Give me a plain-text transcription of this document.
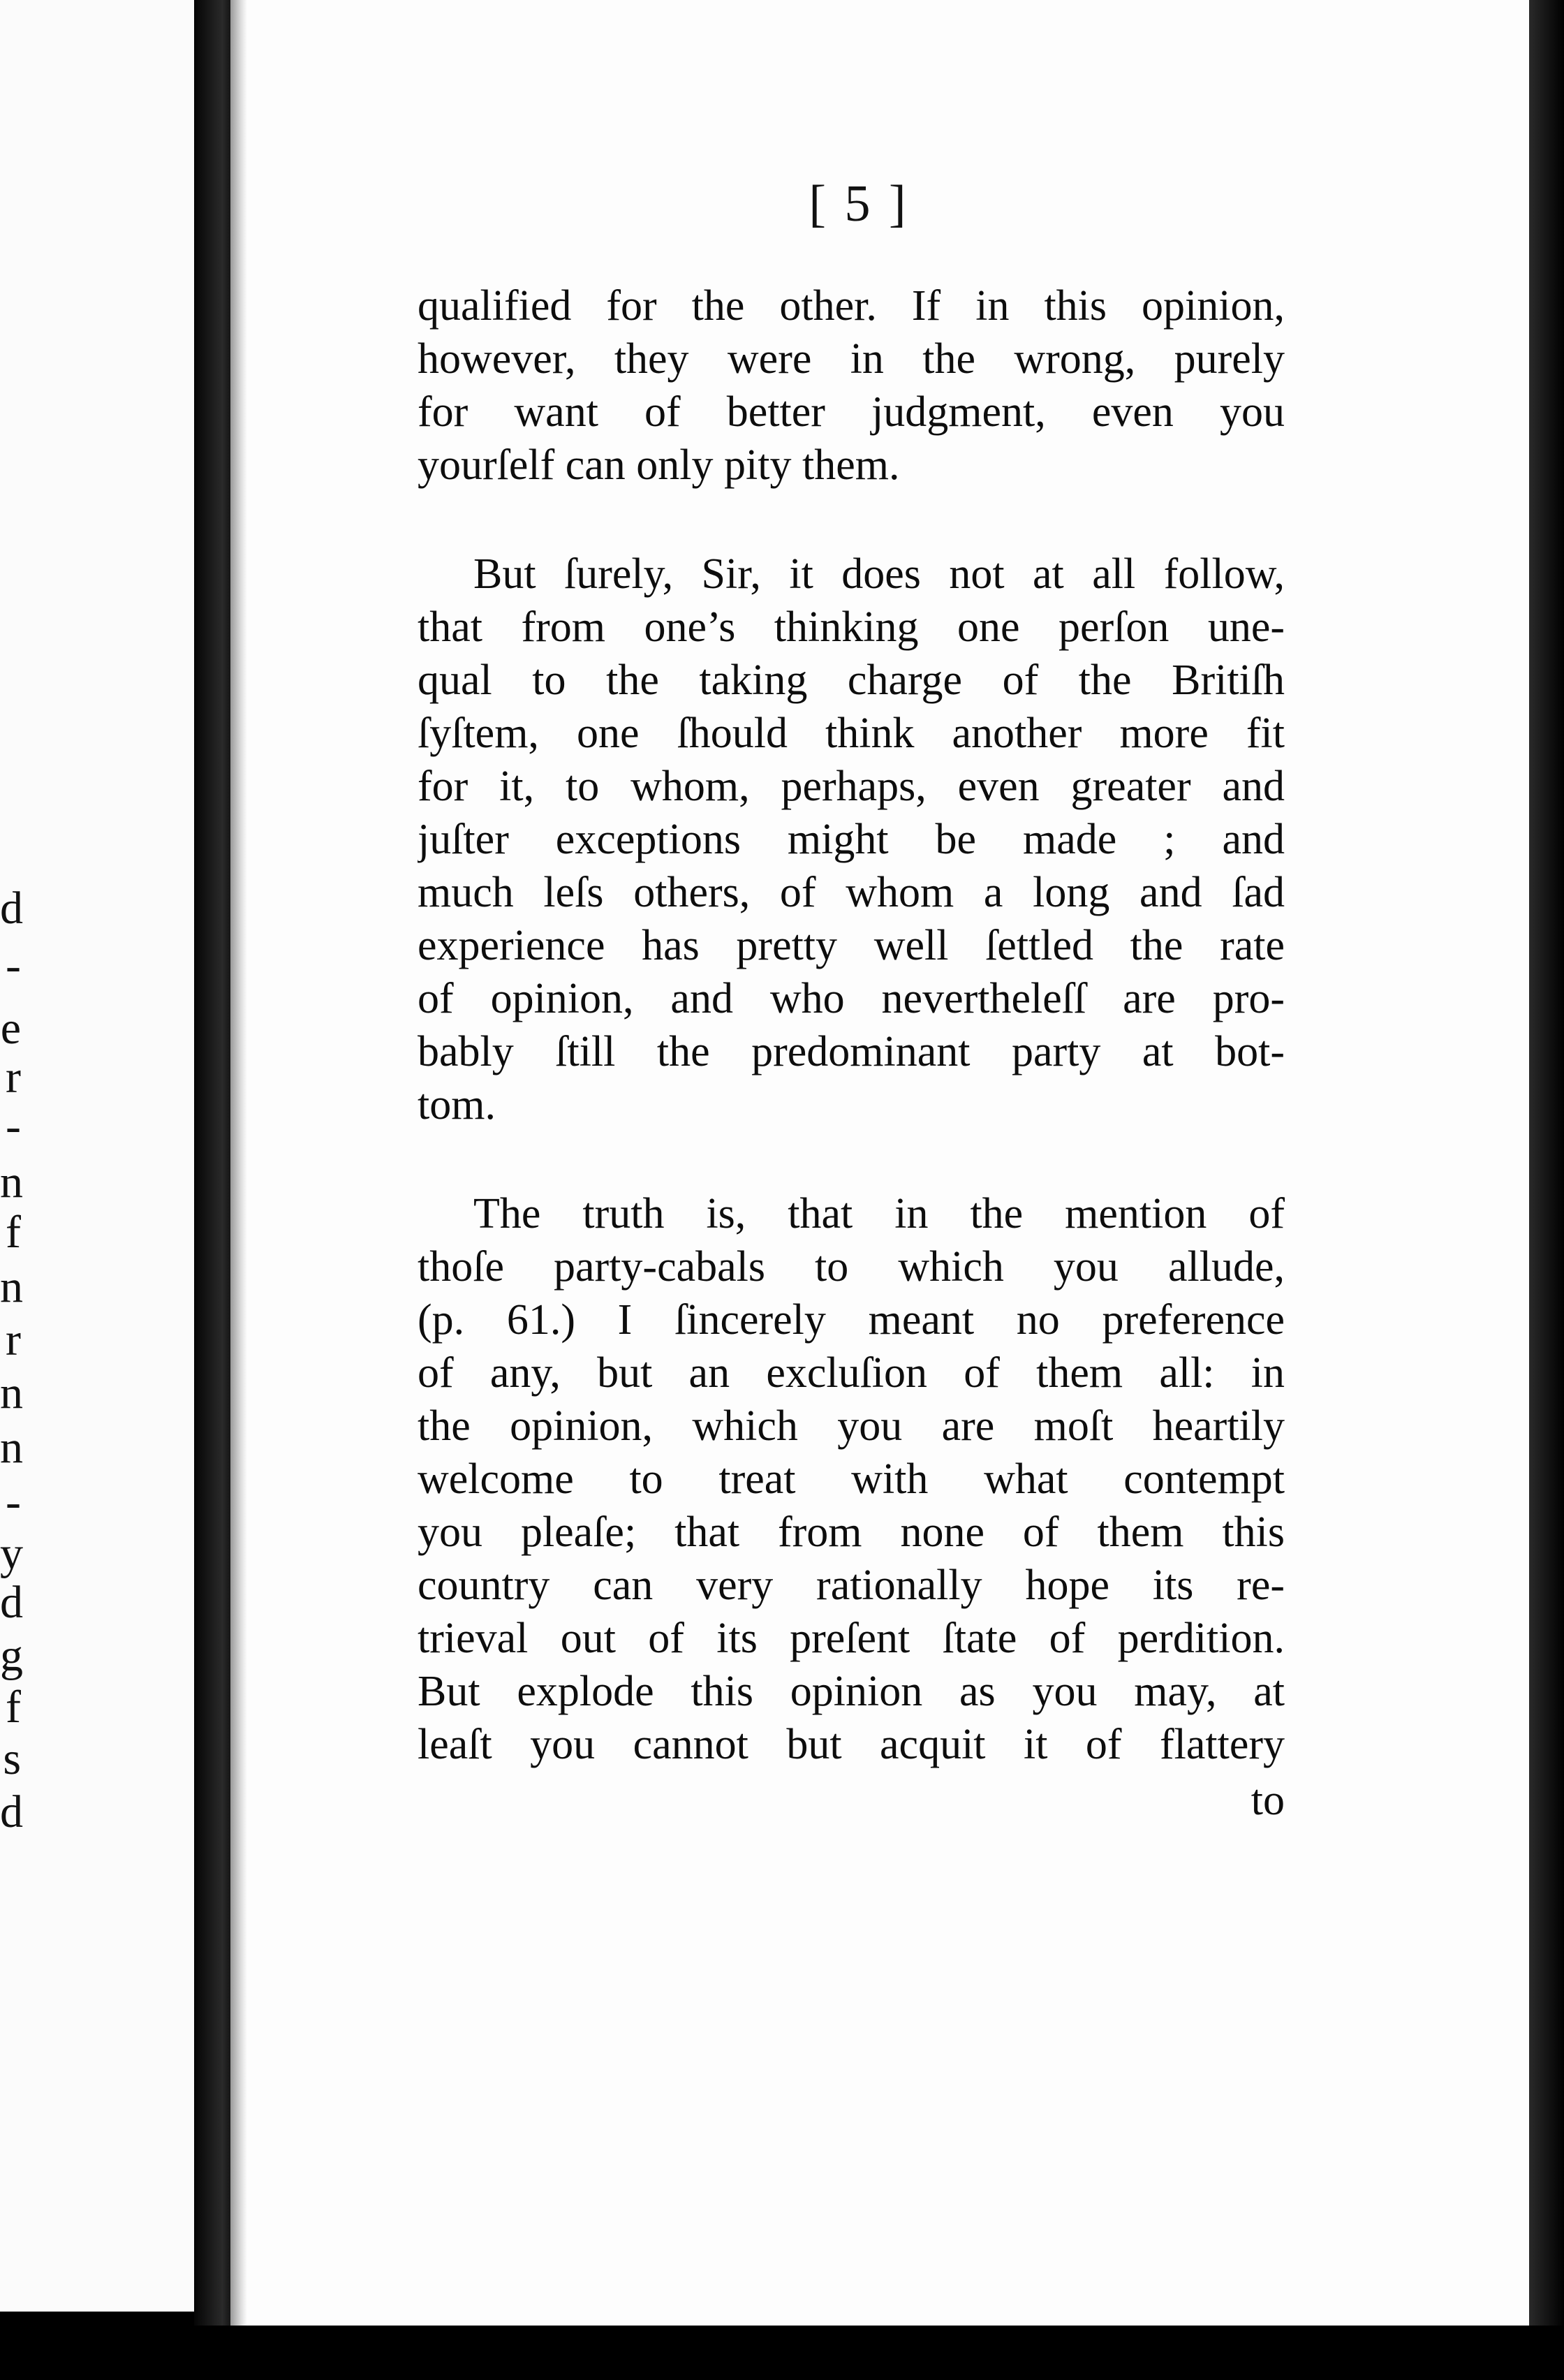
d
-
e
r
-
n
f
n
r
n
n
-
y
d
g
f
s
d
[ 5 ]
qualified for the other. If in this opinion,
however, they were in the wrong, purely
for want of better judgment, even you
yourſelf can only pity them.
But ſurely, Sir, it does not at all follow,
that from one’s thinking one perſon une-
qual to the taking charge of the Britiſh
ſyſtem, one ſhould think another more fit
for it, to whom, perhaps, even greater and
juſter exceptions might be made ; and
much leſs others, of whom a long and ſad
experience has pretty well ſettled the rate
of opinion, and who nevertheleſſ are pro-
bably ſtill the predominant party at bot-
tom.
The truth is, that in the mention of
thoſe party-cabals to which you allude,
(p. 61.) I ſincerely meant no preference
of any, but an excluſion of them all: in
the opinion, which you are moſt heartily
welcome to treat with what contempt
you pleaſe; that from none of them this
country can very rationally hope its re-
trieval out of its preſent ſtate of perdition.
But explode this opinion as you may, at
leaſt you cannot but acquit it of flattery
to
